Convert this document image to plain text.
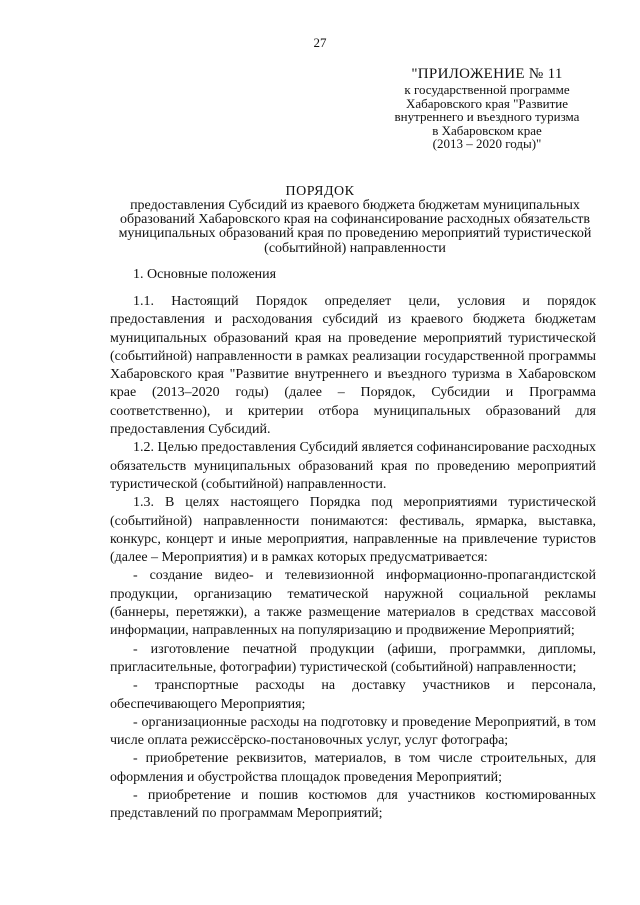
27
"ПРИЛОЖЕНИЕ № 11
к государственной программе
Хабаровского края "Развитие
внутреннего и въездного туризма
в Хабаровском крае
(2013 – 2020 годы)"
ПОРЯДОК
предоставления Субсидий из краевого бюджета бюджетам муниципальных образований Хабаровского края на софинансирование расходных обязательств муниципальных образований края по проведению мероприятий туристической (событийной) направленности
1. Основные положения

1.1. Настоящий Порядок определяет цели, условия и порядок предоставления и расходования субсидий из краевого бюджета бюджетам муниципальных образований края на проведение мероприятий туристической (событийной) направленности в рамках реализации государственной программы Хабаровского края "Развитие внутреннего и въездного туризма в Хабаровском крае (2013–2020 годы) (далее – Порядок, Субсидии и Программа соответственно), и критерии отбора муниципальных образований для предоставления Субсидий.

1.2. Целью предоставления Субсидий является софинансирование расходных обязательств муниципальных образований края по проведению мероприятий туристической (событийной) направленности.

1.3. В целях настоящего Порядка под мероприятиями туристической (событийной) направленности понимаются: фестиваль, ярмарка, выставка, конкурс, концерт и иные мероприятия, направленные на привлечение туристов (далее – Мероприятия) и в рамках которых предусматривается:

- создание видео- и телевизионной информационно-пропагандистской продукции, организацию тематической наружной социальной рекламы (баннеры, перетяжки), а также размещение материалов в средствах массовой информации, направленных на популяризацию и продвижение Мероприятий;

- изготовление печатной продукции (афиши, программки, дипломы, пригласительные, фотографии) туристической (событийной) направленности;

- транспортные расходы на доставку участников и персонала, обеспечивающего Мероприятия;

- организационные расходы на подготовку и проведение Мероприятий, в том числе оплата режиссёрско-постановочных услуг, услуг фотографа;

- приобретение реквизитов, материалов, в том числе строительных, для оформления и обустройства площадок проведения Мероприятий;

- приобретение и пошив костюмов для участников костюмированных представлений по программам Мероприятий;
